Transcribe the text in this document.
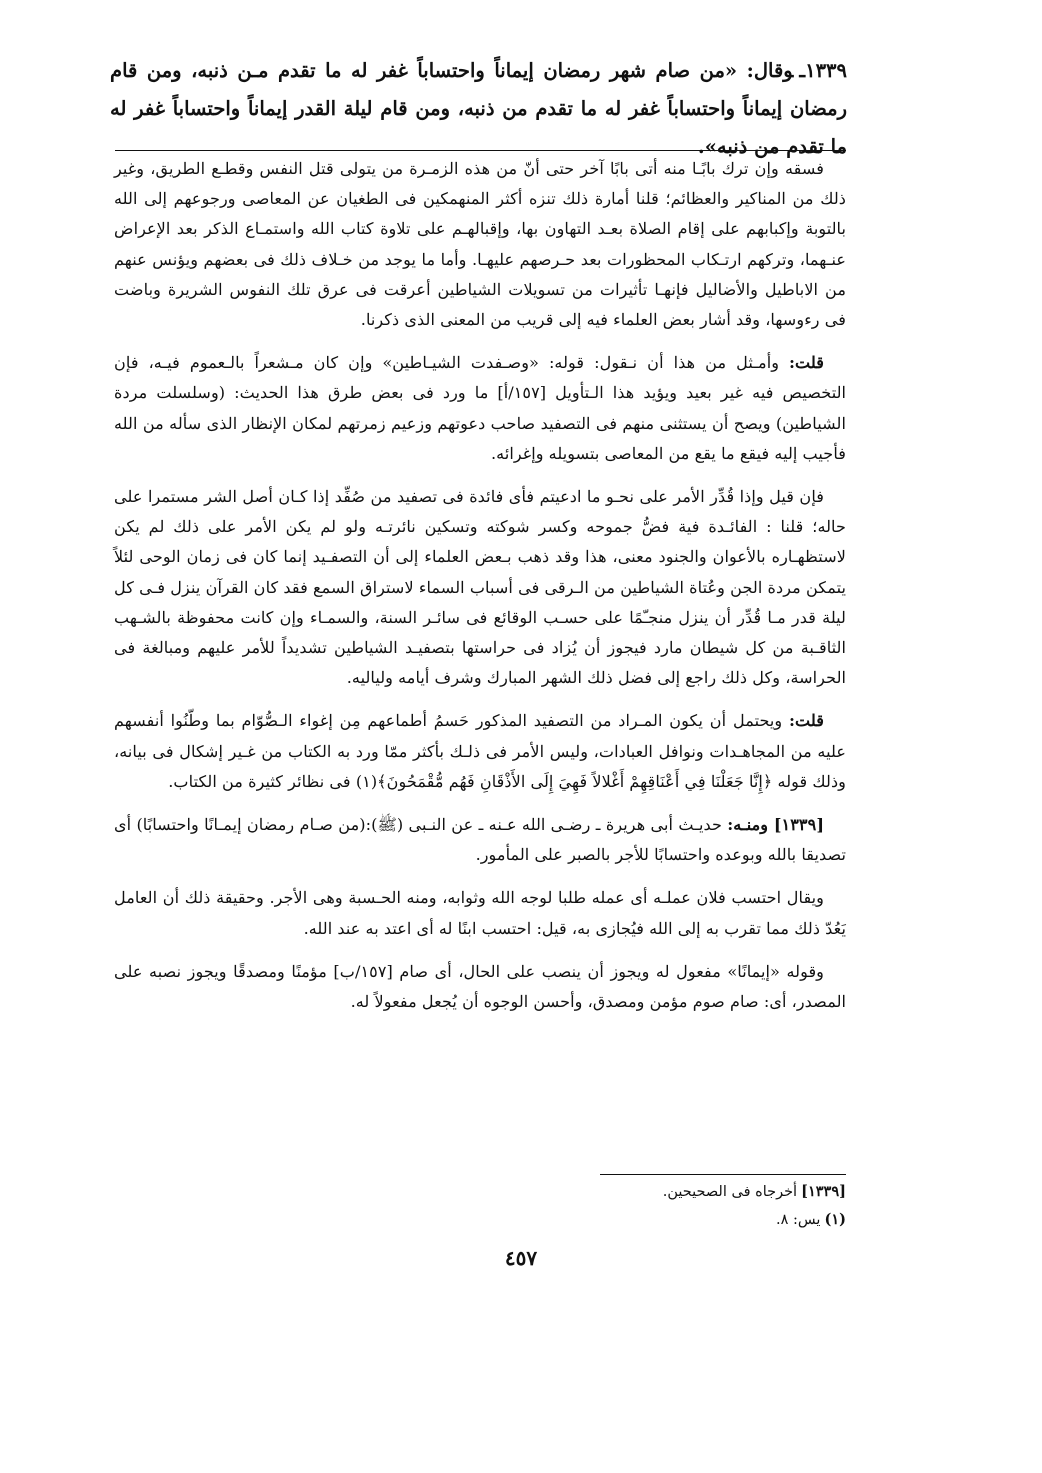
١٣٣٩ـوقال: «من صام شهر رمضان إيماناً واحتساباً غفر له ما تقدم مـن ذنبه، ومن قام رمضان إيماناً واحتساباً غفر له ما تقدم من ذنبه، ومن قام ليلة القدر إيماناً واحتساباً غفر له ما تقدم من ذنبه».

فسقه وإن ترك بابًـا منه أتى بابًا آخر حتى أنّ من هذه الزمـرة من يتولى قتل النفس وقطـع الطريق، وغير ذلك من المناكير والعظائم؛ قلنا أمارة ذلك تنزه أكثر المنهمكين فى الطغيان عن المعاصى ورجوعهم إلى الله بالتوبة وإكبابهم على إقام الصلاة بعـد التهاون بها، وإقبالهـم على تلاوة كتاب الله واستمـاع الذكر بعد الإعراض عنـهما، وتركهم ارتـكاب المحظورات بعد حـرصهم عليهـا. وأما ما يوجد من خـلاف ذلك فى بعضهم ويؤنس عنهم من الاباطيل والأضاليل فإنهـا تأثيرات من تسويلات الشياطين أعرقت فى عرق تلك النفوس الشريرة وباضت فى رءوسها، وقد أشار بعض العلماء فيه إلى قريب من المعنى الذى ذكرنا.

قلت: وأمـثل من هذا أن نـقول: قوله: «وصـفدت الشيـاطين» وإن كان مـشعراً بالـعموم فيـه، فإن التخصيص فيه غير بعيد ويؤيد هذا الـتأويل [١٥٧/أ] ما ورد فى بعض طرق هذا الحديث: (وسلسلت مردة الشياطين) ويصح أن يستثنى منهم فى التصفيد صاحب دعوتهم وزعيم زمرتهم لمكان الإنظار الذى سأله من الله فأجيب إليه فيقع ما يقع من المعاصى بتسويله وإغرائه.

فإن قيل وإذا قُدِّر الأمر على نحـو ما ادعيتم فأى فائدة فى تصفيد من صُفِّد إذا كـان أصل الشر مستمرا على حاله؛ قلنا : الفائـدة فية فضُّ جموحه وكسر شوكته وتسكين نائرتـه ولو لم يكن الأمر على ذلك لم يكن لاستظهـاره بالأعوان والجنود معنى، هذا وقد ذهب بـعض العلماء إلى أن التصفـيد إنما كان فى زمان الوحى لئلاً يتمكن مردة الجن وعُتاة الشياطين من الـرقى فى أسباب السماء لاستراق السمع فقد كان القرآن ينزل فـى كل ليلة قدر مـا قُدِّر أن ينزل منجـّمًا على حسـب الوقائع فى سائـر السنة، والسمـاء وإن كانت محفوظة بالشـهب الثاقـبة من كل شيطان مارد فيجوز أن يُزاد فى حراستها بتصفيـد الشياطين تشديداً للأمر عليهم ومبالغة فى الحراسة، وكل ذلك راجع إلى فضل ذلك الشهر المبارك وشرف أيامه ولياليه.

قلت: ويحتمل أن يكون المـراد من التصفيد المذكور حَسمُ أطماعهم مِن إغواء الـصُّوّام بما وطّنُوا أنفسهم عليه من المجاهـدات ونوافل العبادات، وليس الأمر فى ذلـك بأكثر ممّا ورد به الكتاب من غـير إشكال فى بيانه، وذلك قوله ﴿إِنَّا جَعَلْنَا فِي أَعْنَاقِهِمْ أَغْلالاً فَهِيَ إِلَى الأَذْقَانِ فَهُم مُّقْمَحُونَ﴾(١) فى نظائر كثيرة من الكتاب.

[١٣٣٩] ومنـه: حديـث أبى هريرة ـ رضـى الله عـنه ـ عن النـبى (ﷺ):(من صـام رمضان إيمـانًا واحتسابًا) أى تصديقا بالله وبوعده واحتسابًا للأجر بالصبر على المأمور.

ويقال احتسب فلان عملـه أى عمله طلبا لوجه الله وثوابه، ومنه الحـسبة وهى الأجر. وحقيقة ذلك أن العامل يَعُدّ ذلك مما تقرب به إلى الله فيُجازى به، قيل: احتسب ابنًا له أى اعتد به عند الله.

وقوله «إيمانًا» مفعول له ويجوز أن ينصب على الحال، أى صام [١٥٧/ب] مؤمنًا ومصدقًا ويجوز نصبه على المصدر، أى: صام صوم مؤمن ومصدق، وأحسن الوجوه أن يُجعل مفعولاً له.

[١٣٣٩]أخرجاه فى الصحيحين.

(١)يس: ٨.

٤٥٧
